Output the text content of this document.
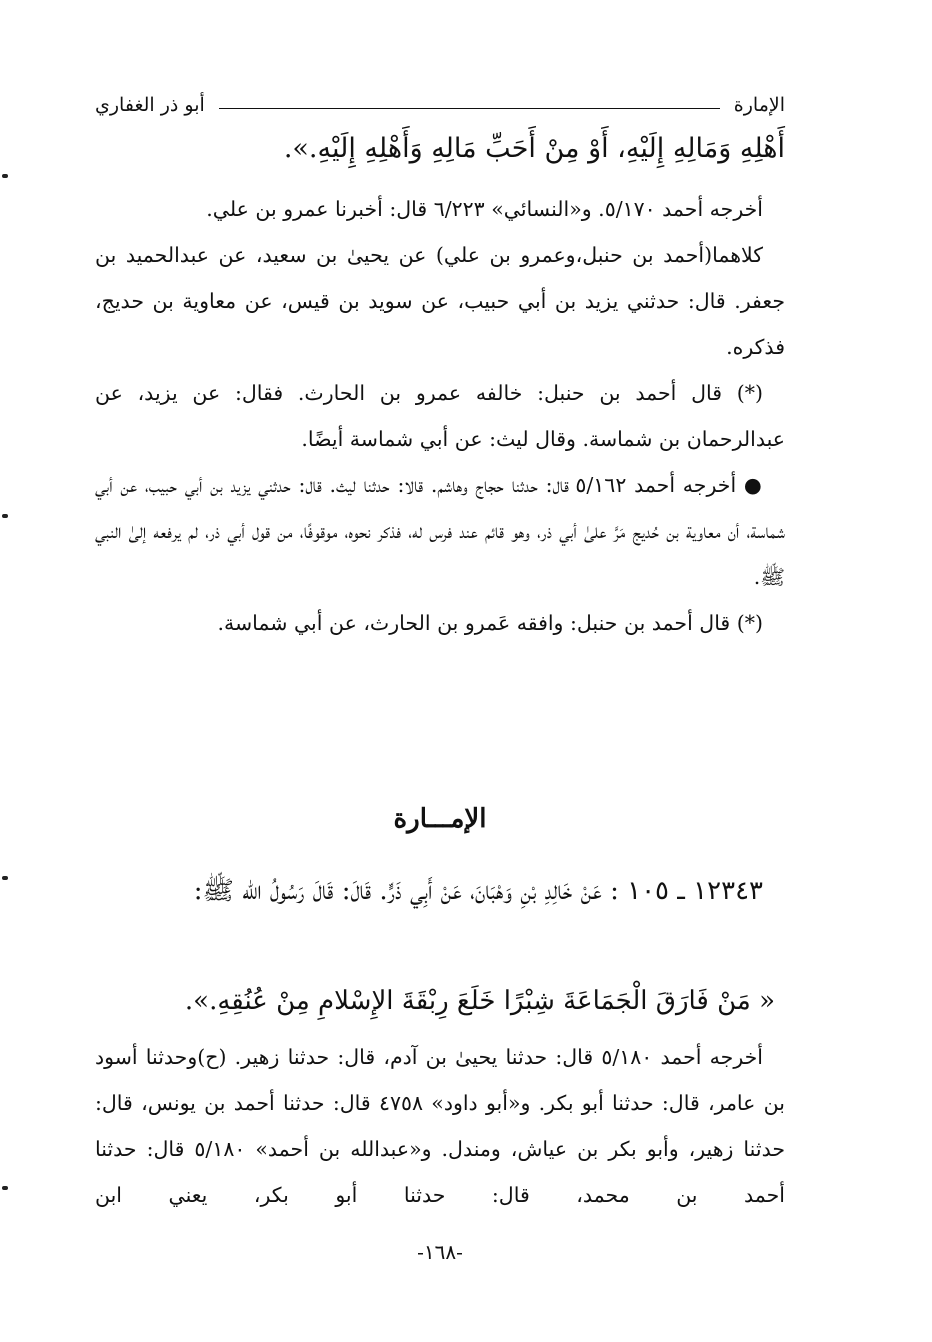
الإمارة
أبو ذر الغفاري
أَهْلِهِ وَمَالِهِ إِلَيْهِ، أَوْ مِنْ أَحَبِّ مَالِهِ وَأَهْلِهِ إِلَيْهِ.».

أخرجه أحمد ٥/١٧٠. و«النسائي» ٦/٢٢٣ قال: أخبرنا عمرو بن علي.

كلاهما(أحمد بن حنبل،وعمرو بن علي) عن يحيىٰ بن سعيد، عن عبدالحميد بن جعفر. قال: حدثني يزيد بن أبي حبيب، عن سويد بن قيس، عن معاوية بن حديج، فذكره.

(*) قال أحمد بن حنبل: خالفه عمرو بن الحارث. فقال: عن يزيد، عن عبدالرحمان بن شماسة. وقال ليث: عن أبي شماسة أيضًا.

● أخرجه أحمد ٥/١٦٢ قال: حدثنا حجاج وهاشم. قالا: حدثنا ليث. قال: حدثني يزيد بن أبي حبيب، عن أبي شماسة، أن معاوية بن حُديج مَرَّ علىٰ أبي ذر، وهو قائم عند فرس له، فذكر نحوه، موقوفًا، من قول أبي ذر، لم يرفعه إلىٰ النبي ﷺ.

(*) قال أحمد بن حنبل: وافقه عَمرو بن الحارث، عن أبي شماسة.

الإمـــارة
١٢٣٤٣ ـ ١٠٥ : عَنْ خَالِدِ بْنِ وَهْبَانَ، عَنْ أَبِي ذَرٍّ. قَالَ: قَالَ رَسُولُ الله ﷺ:
« مَنْ فَارَقَ الْجَمَاعَةَ شِبْرًا خَلَعَ رِبْقَةَ الإِسْلامِ مِنْ عُنُقِهِ.».

أخرجه أحمد ٥/١٨٠ قال: حدثنا يحيىٰ بن آدم، قال: حدثنا زهير. (ح)وحدثنا أسود بن عامر، قال: حدثنا أبو بكر. و«أبو داود» ٤٧٥٨ قال: حدثنا أحمد بن يونس، قال: حدثنا زهير، وأبو بكر بن عياش، ومندل. و«عبدالله بن أحمد» ٥/١٨٠ قال: حدثنا أحمد بن محمد، قال: حدثنا أبو بكر، يعني ابن

-١٦٨-
